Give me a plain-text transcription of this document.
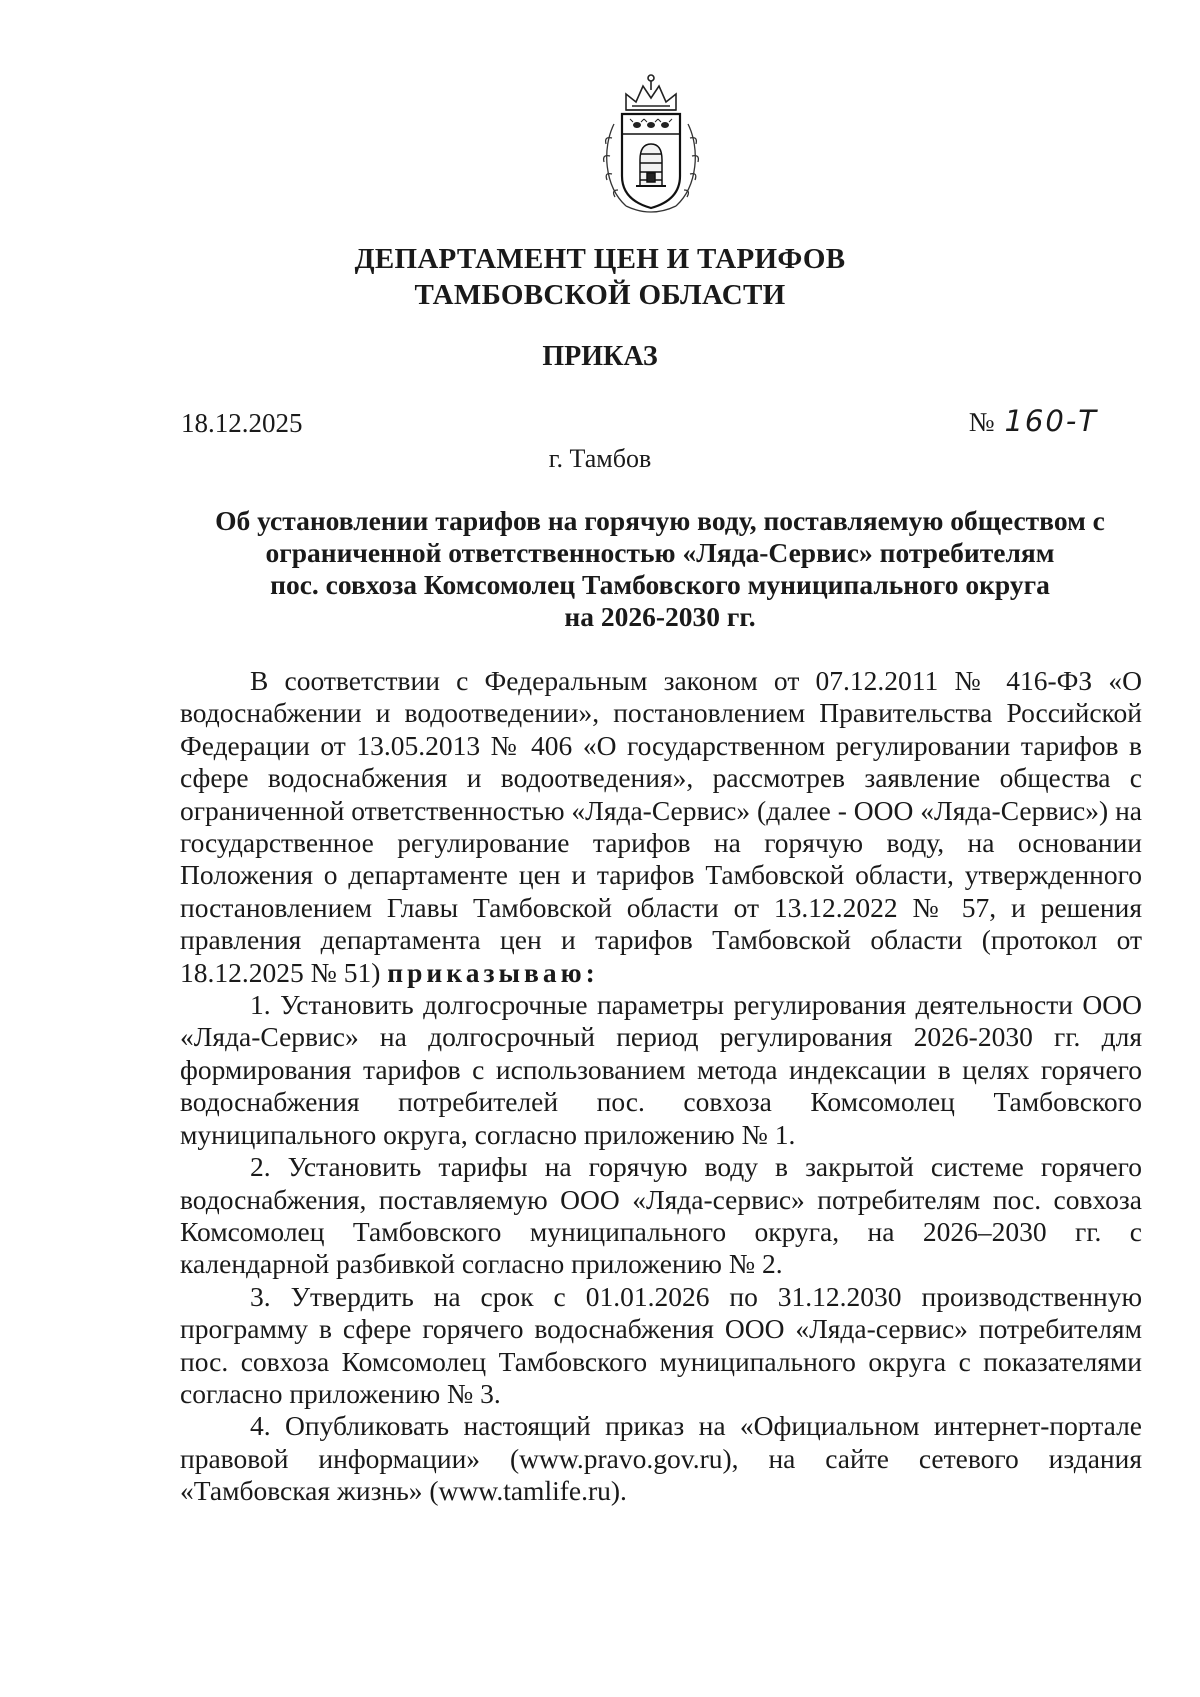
ДЕПАРТАМЕНТ ЦЕН И ТАРИФОВ
ТАМБОВСКОЙ ОБЛАСТИ
ПРИКАЗ
18.12.2025	№ 160-Т
г. Тамбов
Об установлении тарифов на горячую воду, поставляемую обществом с
ограниченной ответственностью «Ляда-Сервис» потребителям
пос. совхоза Комсомолец Тамбовского муниципального округа
на 2026-2030 гг.

В соответствии с Федеральным законом от 07.12.2011 № 416-ФЗ «О водоснабжении и водоотведении», постановлением Правительства Российской Федерации от 13.05.2013 № 406 «О государственном регулировании тарифов в сфере водоснабжения и водоотведения», рассмотрев заявление общества с ограниченной ответственностью «Ляда-Сервис» (далее - ООО «Ляда-Сервис») на государственное регулирование тарифов на горячую воду, на основании Положения о департаменте цен и тарифов Тамбовской области, утвержденного постановлением Главы Тамбовской области от 13.12.2022 № 57, и решения правления департамента цен и тарифов Тамбовской области (протокол от 18.12.2025 № 51) приказываю:

1. Установить долгосрочные параметры регулирования деятельности ООО «Ляда-Сервис» на долгосрочный период регулирования 2026-2030 гг. для формирования тарифов с использованием метода индексации в целях горячего водоснабжения потребителей пос. совхоза Комсомолец Тамбовского муниципального округа, согласно приложению № 1.

2. Установить тарифы на горячую воду в закрытой системе горячего водоснабжения, поставляемую ООО «Ляда-сервис» потребителям пос. совхоза Комсомолец Тамбовского муниципального округа, на 2026–2030 гг. с календарной разбивкой согласно приложению № 2.

3. Утвердить на срок с 01.01.2026 по 31.12.2030 производственную программу в сфере горячего водоснабжения ООО «Ляда-сервис» потребителям пос. совхоза Комсомолец Тамбовского муниципального округа с показателями согласно приложению № 3.

4. Опубликовать настоящий приказ на «Официальном интернет-портале правовой информации» (www.pravo.gov.ru), на сайте сетевого издания «Тамбовская жизнь» (www.tamlife.ru).
